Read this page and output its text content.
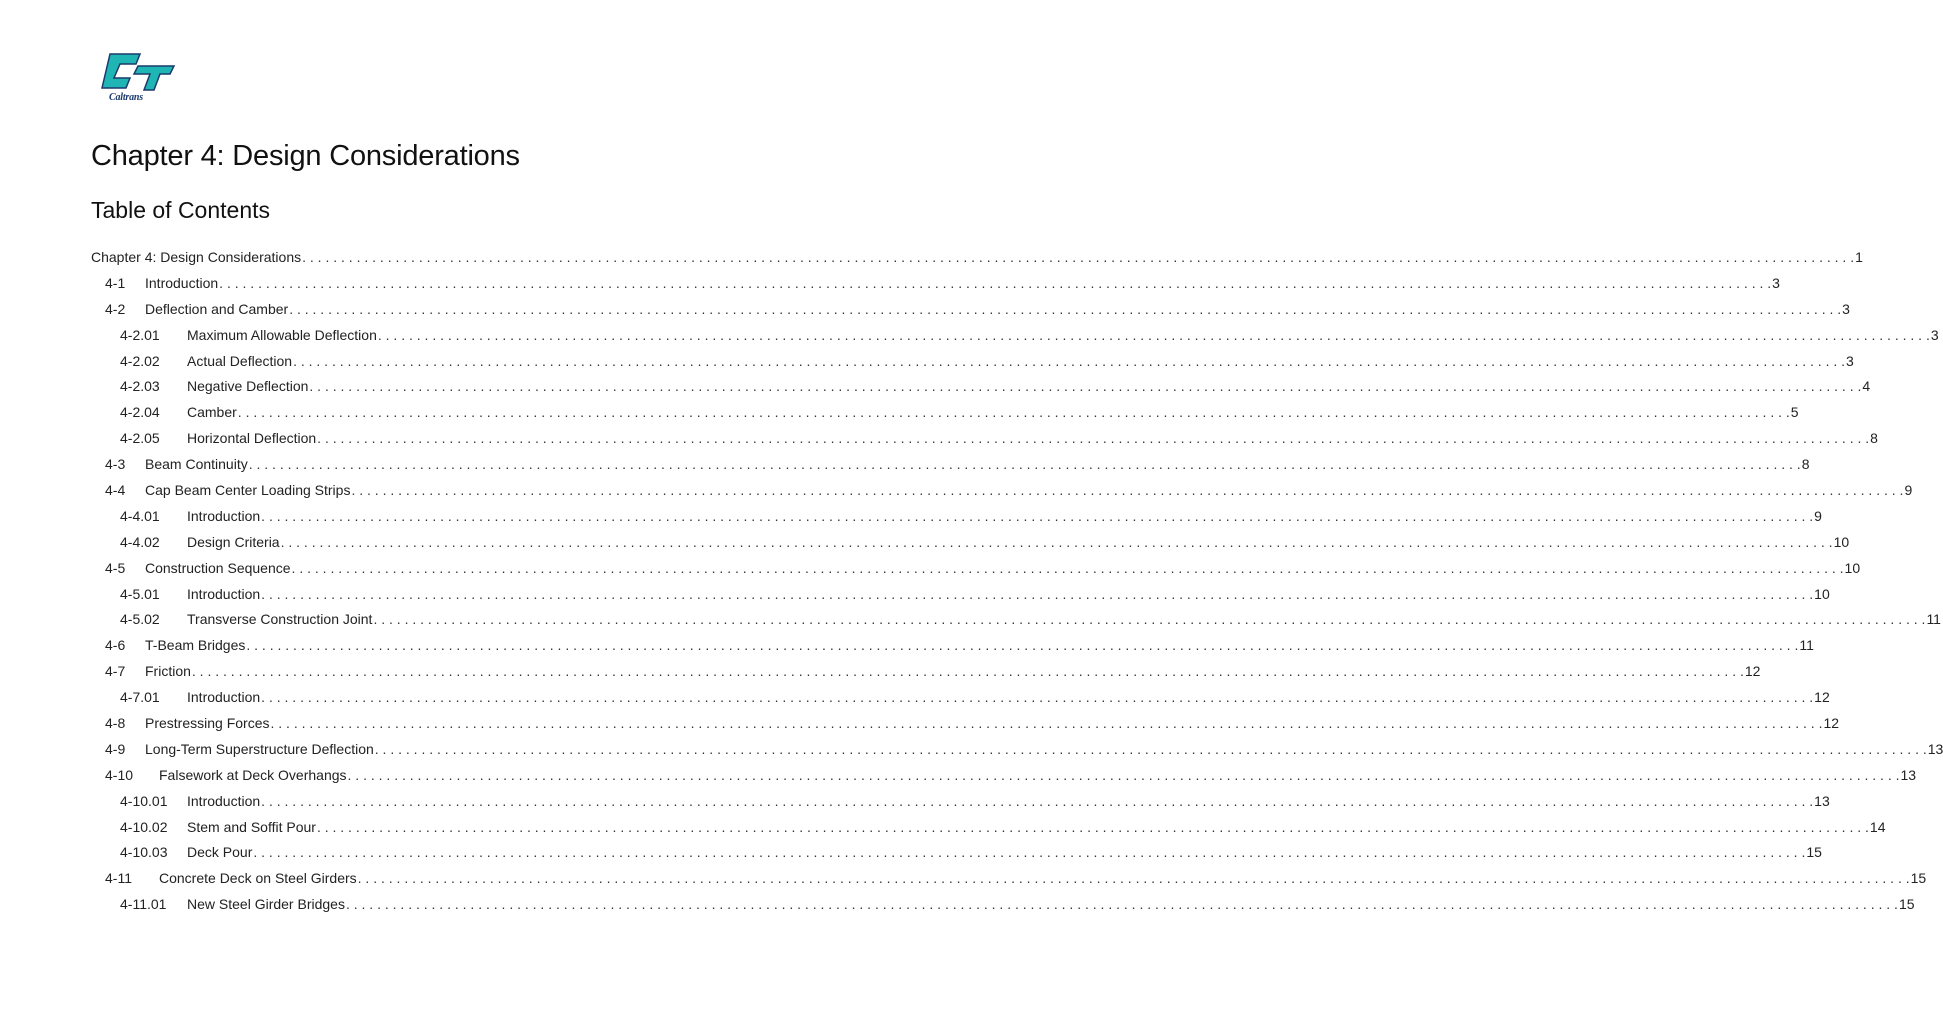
Caltrans
Chapter 4: Design Considerations
Table of Contents
Chapter 4: Design Considerations . . . . . . . . . . . . . . . . . . . . . . . . . . . . . . . . . . . . . . . . . . . . . . . . . . . . . . . . . . . . . . . . . . . . . . . . . . . . . . . . . . . . . . . . . . . . . . . . . . . . . . . . . . . . . . . . . . . . . . . . . . . . . . . . . . . . . . . . . . . . . . . . . . . . . . . . . . . . . . . . . . . . . . . . . . . . . . . . . . . . . . . . . . . . . . . . . . . . . . . . 1
4-1 Introduction . . . . . . . . . . . . . . . . . . . . . . . . . . . . . . . . . . . . . . . . . . . . . . . . . . . . . . . . . . . . . . . . . . . . . . . . . . . . . . . . . . . . . . . . . . . . . . . . . . . . . . . . . . . . . . . . . . . . . . . . . . . . . . . . . . . . . . . . . . . . . . . . . . . . . . . . . . . . . . . . . . . . . . . . . . . . . . . . . . . . . . . . . . . . . . . . . . . . . . . . 3
4-2 Deflection and Camber . . . . . . . . . . . . . . . . . . . . . . . . . . . . . . . . . . . . . . . . . . . . . . . . . . . . . . . . . . . . . . . . . . . . . . . . . . . . . . . . . . . . . . . . . . . . . . . . . . . . . . . . . . . . . . . . . . . . . . . . . . . . . . . . . . . . . . . . . . . . . . . . . . . . . . . . . . . . . . . . . . . . . . . . . . . . . . . . . . . . . . . . . . . . . . . . . . . . . . . . 3
4-2.01 Maximum Allowable Deflection . . . . . . . . . . . . . . . . . . . . . . . . . . . . . . . . . . . . . . . . . . . . . . . . . . . . . . . . . . . . . . . . . . . . . . . . . . . . . . . . . . . . . . . . . . . . . . . . . . . . . . . . . . . . . . . . . . . . . . . . . . . . . . . . . . . . . . . . . . . . . . . . . . . . . . . . . . . . . . . . . . . . . . . . . . . . . . . . . . . . . . . . . . . . . . . . . . . . . . . . 3
4-2.02 Actual Deflection . . . . . . . . . . . . . . . . . . . . . . . . . . . . . . . . . . . . . . . . . . . . . . . . . . . . . . . . . . . . . . . . . . . . . . . . . . . . . . . . . . . . . . . . . . . . . . . . . . . . . . . . . . . . . . . . . . . . . . . . . . . . . . . . . . . . . . . . . . . . . . . . . . . . . . . . . . . . . . . . . . . . . . . . . . . . . . . . . . . . . . . . . . . . . . . . . . . . . . . . 3
4-2.03 Negative Deflection . . . . . . . . . . . . . . . . . . . . . . . . . . . . . . . . . . . . . . . . . . . . . . . . . . . . . . . . . . . . . . . . . . . . . . . . . . . . . . . . . . . . . . . . . . . . . . . . . . . . . . . . . . . . . . . . . . . . . . . . . . . . . . . . . . . . . . . . . . . . . . . . . . . . . . . . . . . . . . . . . . . . . . . . . . . . . . . . . . . . . . . . . . . . . . . . . . . . . . . . 4
4-2.04 Camber . . . . . . . . . . . . . . . . . . . . . . . . . . . . . . . . . . . . . . . . . . . . . . . . . . . . . . . . . . . . . . . . . . . . . . . . . . . . . . . . . . . . . . . . . . . . . . . . . . . . . . . . . . . . . . . . . . . . . . . . . . . . . . . . . . . . . . . . . . . . . . . . . . . . . . . . . . . . . . . . . . . . . . . . . . . . . . . . . . . . . . . . . . . . . . . . . . . . . . . . 5
4-2.05 Horizontal Deflection . . . . . . . . . . . . . . . . . . . . . . . . . . . . . . . . . . . . . . . . . . . . . . . . . . . . . . . . . . . . . . . . . . . . . . . . . . . . . . . . . . . . . . . . . . . . . . . . . . . . . . . . . . . . . . . . . . . . . . . . . . . . . . . . . . . . . . . . . . . . . . . . . . . . . . . . . . . . . . . . . . . . . . . . . . . . . . . . . . . . . . . . . . . . . . . . . . . . . . . . 8
4-3 Beam Continuity . . . . . . . . . . . . . . . . . . . . . . . . . . . . . . . . . . . . . . . . . . . . . . . . . . . . . . . . . . . . . . . . . . . . . . . . . . . . . . . . . . . . . . . . . . . . . . . . . . . . . . . . . . . . . . . . . . . . . . . . . . . . . . . . . . . . . . . . . . . . . . . . . . . . . . . . . . . . . . . . . . . . . . . . . . . . . . . . . . . . . . . . . . . . . . . . . . . . . . . . 8
4-4 Cap Beam Center Loading Strips . . . . . . . . . . . . . . . . . . . . . . . . . . . . . . . . . . . . . . . . . . . . . . . . . . . . . . . . . . . . . . . . . . . . . . . . . . . . . . . . . . . . . . . . . . . . . . . . . . . . . . . . . . . . . . . . . . . . . . . . . . . . . . . . . . . . . . . . . . . . . . . . . . . . . . . . . . . . . . . . . . . . . . . . . . . . . . . . . . . . . . . . . . . . . . . . . . . . . . . . 9
4-4.01 Introduction . . . . . . . . . . . . . . . . . . . . . . . . . . . . . . . . . . . . . . . . . . . . . . . . . . . . . . . . . . . . . . . . . . . . . . . . . . . . . . . . . . . . . . . . . . . . . . . . . . . . . . . . . . . . . . . . . . . . . . . . . . . . . . . . . . . . . . . . . . . . . . . . . . . . . . . . . . . . . . . . . . . . . . . . . . . . . . . . . . . . . . . . . . . . . . . . . . . . . . . . 9
4-4.02 Design Criteria . . . . . . . . . . . . . . . . . . . . . . . . . . . . . . . . . . . . . . . . . . . . . . . . . . . . . . . . . . . . . . . . . . . . . . . . . . . . . . . . . . . . . . . . . . . . . . . . . . . . . . . . . . . . . . . . . . . . . . . . . . . . . . . . . . . . . . . . . . . . . . . . . . . . . . . . . . . . . . . . . . . . . . . . . . . . . . . . . . . . . . . . . . . . . . . . . . . . . . . . 10
4-5 Construction Sequence . . . . . . . . . . . . . . . . . . . . . . . . . . . . . . . . . . . . . . . . . . . . . . . . . . . . . . . . . . . . . . . . . . . . . . . . . . . . . . . . . . . . . . . . . . . . . . . . . . . . . . . . . . . . . . . . . . . . . . . . . . . . . . . . . . . . . . . . . . . . . . . . . . . . . . . . . . . . . . . . . . . . . . . . . . . . . . . . . . . . . . . . . . . . . . . . . . . . . . . . 10
4-5.01 Introduction . . . . . . . . . . . . . . . . . . . . . . . . . . . . . . . . . . . . . . . . . . . . . . . . . . . . . . . . . . . . . . . . . . . . . . . . . . . . . . . . . . . . . . . . . . . . . . . . . . . . . . . . . . . . . . . . . . . . . . . . . . . . . . . . . . . . . . . . . . . . . . . . . . . . . . . . . . . . . . . . . . . . . . . . . . . . . . . . . . . . . . . . . . . . . . . . . . . . . . . . 10
4-5.02 Transverse Construction Joint . . . . . . . . . . . . . . . . . . . . . . . . . . . . . . . . . . . . . . . . . . . . . . . . . . . . . . . . . . . . . . . . . . . . . . . . . . . . . . . . . . . . . . . . . . . . . . . . . . . . . . . . . . . . . . . . . . . . . . . . . . . . . . . . . . . . . . . . . . . . . . . . . . . . . . . . . . . . . . . . . . . . . . . . . . . . . . . . . . . . . . . . . . . . . . . . . . . . . . . . 11
4-6 T-Beam Bridges . . . . . . . . . . . . . . . . . . . . . . . . . . . . . . . . . . . . . . . . . . . . . . . . . . . . . . . . . . . . . . . . . . . . . . . . . . . . . . . . . . . . . . . . . . . . . . . . . . . . . . . . . . . . . . . . . . . . . . . . . . . . . . . . . . . . . . . . . . . . . . . . . . . . . . . . . . . . . . . . . . . . . . . . . . . . . . . . . . . . . . . . . . . . . . . . . . . . . . . . 11
4-7 Friction . . . . . . . . . . . . . . . . . . . . . . . . . . . . . . . . . . . . . . . . . . . . . . . . . . . . . . . . . . . . . . . . . . . . . . . . . . . . . . . . . . . . . . . . . . . . . . . . . . . . . . . . . . . . . . . . . . . . . . . . . . . . . . . . . . . . . . . . . . . . . . . . . . . . . . . . . . . . . . . . . . . . . . . . . . . . . . . . . . . . . . . . . . . . . . . . . . . . . . . . 12
4-7.01 Introduction . . . . . . . . . . . . . . . . . . . . . . . . . . . . . . . . . . . . . . . . . . . . . . . . . . . . . . . . . . . . . . . . . . . . . . . . . . . . . . . . . . . . . . . . . . . . . . . . . . . . . . . . . . . . . . . . . . . . . . . . . . . . . . . . . . . . . . . . . . . . . . . . . . . . . . . . . . . . . . . . . . . . . . . . . . . . . . . . . . . . . . . . . . . . . . . . . . . . . . . . 12
4-8 Prestressing Forces . . . . . . . . . . . . . . . . . . . . . . . . . . . . . . . . . . . . . . . . . . . . . . . . . . . . . . . . . . . . . . . . . . . . . . . . . . . . . . . . . . . . . . . . . . . . . . . . . . . . . . . . . . . . . . . . . . . . . . . . . . . . . . . . . . . . . . . . . . . . . . . . . . . . . . . . . . . . . . . . . . . . . . . . . . . . . . . . . . . . . . . . . . . . . . . . . . . . . . . . 12
4-9 Long-Term Superstructure Deflection . . . . . . . . . . . . . . . . . . . . . . . . . . . . . . . . . . . . . . . . . . . . . . . . . . . . . . . . . . . . . . . . . . . . . . . . . . . . . . . . . . . . . . . . . . . . . . . . . . . . . . . . . . . . . . . . . . . . . . . . . . . . . . . . . . . . . . . . . . . . . . . . . . . . . . . . . . . . . . . . . . . . . . . . . . . . . . . . . . . . . . . . . . . . . . . . . . . . . . . . 13
4-10 Falsework at Deck Overhangs . . . . . . . . . . . . . . . . . . . . . . . . . . . . . . . . . . . . . . . . . . . . . . . . . . . . . . . . . . . . . . . . . . . . . . . . . . . . . . . . . . . . . . . . . . . . . . . . . . . . . . . . . . . . . . . . . . . . . . . . . . . . . . . . . . . . . . . . . . . . . . . . . . . . . . . . . . . . . . . . . . . . . . . . . . . . . . . . . . . . . . . . . . . . . . . . . . . . . . . . 13
4-10.01 Introduction . . . . . . . . . . . . . . . . . . . . . . . . . . . . . . . . . . . . . . . . . . . . . . . . . . . . . . . . . . . . . . . . . . . . . . . . . . . . . . . . . . . . . . . . . . . . . . . . . . . . . . . . . . . . . . . . . . . . . . . . . . . . . . . . . . . . . . . . . . . . . . . . . . . . . . . . . . . . . . . . . . . . . . . . . . . . . . . . . . . . . . . . . . . . . . . . . . . . . . . . 13
4-10.02 Stem and Soffit Pour . . . . . . . . . . . . . . . . . . . . . . . . . . . . . . . . . . . . . . . . . . . . . . . . . . . . . . . . . . . . . . . . . . . . . . . . . . . . . . . . . . . . . . . . . . . . . . . . . . . . . . . . . . . . . . . . . . . . . . . . . . . . . . . . . . . . . . . . . . . . . . . . . . . . . . . . . . . . . . . . . . . . . . . . . . . . . . . . . . . . . . . . . . . . . . . . . . . . . . . . 14
4-10.03 Deck Pour . . . . . . . . . . . . . . . . . . . . . . . . . . . . . . . . . . . . . . . . . . . . . . . . . . . . . . . . . . . . . . . . . . . . . . . . . . . . . . . . . . . . . . . . . . . . . . . . . . . . . . . . . . . . . . . . . . . . . . . . . . . . . . . . . . . . . . . . . . . . . . . . . . . . . . . . . . . . . . . . . . . . . . . . . . . . . . . . . . . . . . . . . . . . . . . . . . . . . . . . 15
4-11 Concrete Deck on Steel Girders . . . . . . . . . . . . . . . . . . . . . . . . . . . . . . . . . . . . . . . . . . . . . . . . . . . . . . . . . . . . . . . . . . . . . . . . . . . . . . . . . . . . . . . . . . . . . . . . . . . . . . . . . . . . . . . . . . . . . . . . . . . . . . . . . . . . . . . . . . . . . . . . . . . . . . . . . . . . . . . . . . . . . . . . . . . . . . . . . . . . . . . . . . . . . . . . . . . . . . . . 15
4-11.01 New Steel Girder Bridges . . . . . . . . . . . . . . . . . . . . . . . . . . . . . . . . . . . . . . . . . . . . . . . . . . . . . . . . . . . . . . . . . . . . . . . . . . . . . . . . . . . . . . . . . . . . . . . . . . . . . . . . . . . . . . . . . . . . . . . . . . . . . . . . . . . . . . . . . . . . . . . . . . . . . . . . . . . . . . . . . . . . . . . . . . . . . . . . . . . . . . . . . . . . . . . . . . . . . . . . 15
